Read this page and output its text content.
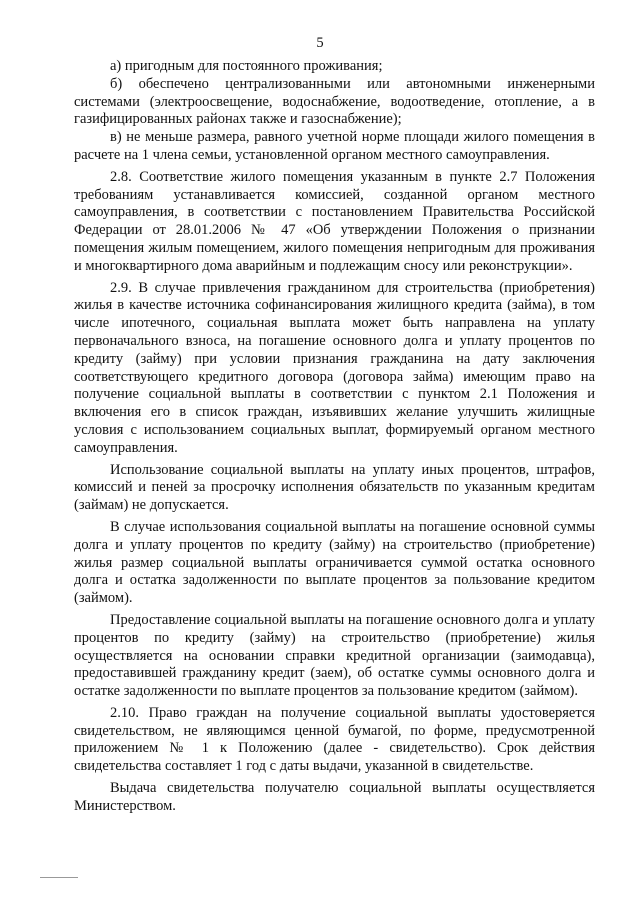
5

а) пригодным для постоянного проживания;

б) обеспечено централизованными или автономными инженерными системами (электроосвещение, водоснабжение, водоотведение, отопление, а в газифицированных районах также и газоснабжение);

в) не меньше размера, равного учетной норме площади жилого помещения в расчете на 1 члена семьи, установленной органом местного самоуправления.

2.8. Соответствие жилого помещения указанным в пункте 2.7 Положения требованиям устанавливается комиссией, созданной органом местного самоуправления, в соответствии с постановлением Правительства Российской Федерации от 28.01.2006 № 47 «Об утверждении Положения о признании помещения жилым помещением, жилого помещения непригодным для проживания и многоквартирного дома аварийным и подлежащим сносу или реконструкции».

2.9. В случае привлечения гражданином для строительства (приобретения) жилья в качестве источника софинансирования жилищного кредита (займа), в том числе ипотечного, социальная выплата может быть направлена на уплату первоначального взноса, на погашение основного долга и уплату процентов по кредиту (займу) при условии признания гражданина на дату заключения соответствующего кредитного договора (договора займа) имеющим право на получение социальной выплаты в соответствии с пунктом 2.1 Положения и включения его в список граждан, изъявивших желание улучшить жилищные условия с использованием социальных выплат, формируемый органом местного самоуправления.

Использование социальной выплаты на уплату иных процентов, штрафов, комиссий и пеней за просрочку исполнения обязательств по указанным кредитам (займам) не допускается.

В случае использования социальной выплаты на погашение основной суммы долга и уплату процентов по кредиту (займу) на строительство (приобретение) жилья размер социальной выплаты ограничивается суммой остатка основного долга и остатка задолженности по выплате процентов за пользование кредитом (займом).

Предоставление социальной выплаты на погашение основного долга и уплату процентов по кредиту (займу) на строительство (приобретение) жилья осуществляется на основании справки кредитной организации (заимодавца), предоставившей гражданину кредит (заем), об остатке суммы основного долга и остатке задолженности по выплате процентов за пользование кредитом (займом).

2.10. Право граждан на получение социальной выплаты удостоверяется свидетельством, не являющимся ценной бумагой, по форме, предусмотренной приложением № 1 к Положению (далее - свидетельство). Срок действия свидетельства составляет 1 год с даты выдачи, указанной в свидетельстве.

Выдача свидетельства получателю социальной выплаты осуществляется Министерством.
